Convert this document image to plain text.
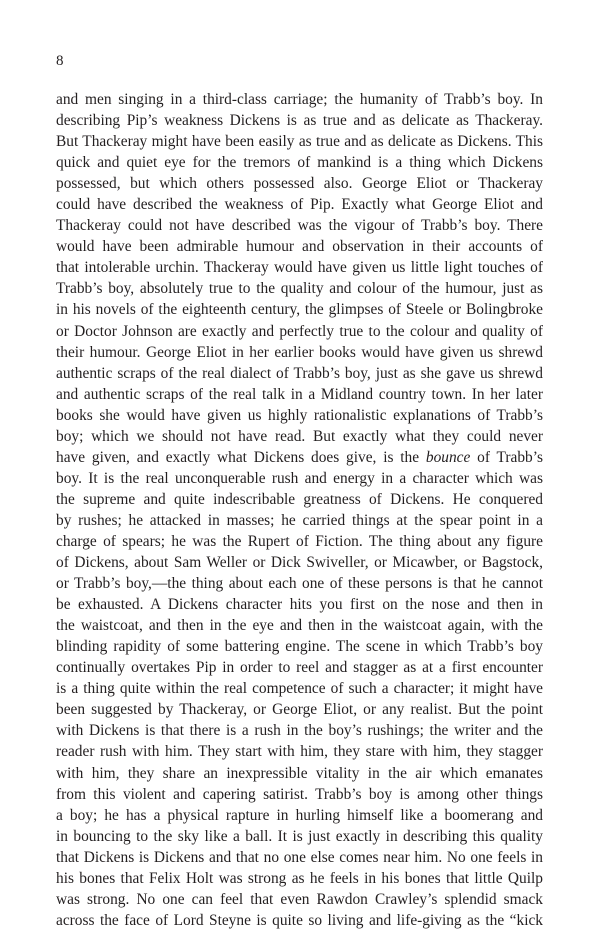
8
and men singing in a third-class carriage; the humanity of Trabb’s boy. In
describing Pip’s weakness Dickens is as true and as delicate as Thackeray.
But Thackeray might have been easily as true and as delicate as Dickens. This
quick and quiet eye for the tremors of mankind is a thing which Dickens
possessed, but which others possessed also. George Eliot or Thackeray
could have described the weakness of Pip. Exactly what George Eliot and
Thackeray could not have described was the vigour of Trabb’s boy. There
would have been admirable humour and observation in their accounts of
that intolerable urchin. Thackeray would have given us little light touches of
Trabb’s boy, absolutely true to the quality and colour of the humour, just as
in his novels of the eighteenth century, the glimpses of Steele or Bolingbroke
or Doctor Johnson are exactly and perfectly true to the colour and quality of
their humour. George Eliot in her earlier books would have given us shrewd
authentic scraps of the real dialect of Trabb’s boy, just as she gave us shrewd
and authentic scraps of the real talk in a Midland country town. In her later
books she would have given us highly rationalistic explanations of Trabb’s
boy; which we should not have read. But exactly what they could never
have given, and exactly what Dickens does give, is the bounce of Trabb’s
boy. It is the real unconquerable rush and energy in a character which was
the supreme and quite indescribable greatness of Dickens. He conquered
by rushes; he attacked in masses; he carried things at the spear point in a
charge of spears; he was the Rupert of Fiction. The thing about any figure
of Dickens, about Sam Weller or Dick Swiveller, or Micawber, or Bagstock,
or Trabb’s boy,—the thing about each one of these persons is that he cannot
be exhausted. A Dickens character hits you first on the nose and then in
the waistcoat, and then in the eye and then in the waistcoat again, with the
blinding rapidity of some battering engine. The scene in which Trabb’s boy
continually overtakes Pip in order to reel and stagger as at a first encounter
is a thing quite within the real competence of such a character; it might have
been suggested by Thackeray, or George Eliot, or any realist. But the point
with Dickens is that there is a rush in the boy’s rushings; the writer and the
reader rush with him. They start with him, they stare with him, they stagger
with him, they share an inexpressible vitality in the air which emanates
from this violent and capering satirist. Trabb’s boy is among other things
a boy; he has a physical rapture in hurling himself like a boomerang and
in bouncing to the sky like a ball. It is just exactly in describing this quality
that Dickens is Dickens and that no one else comes near him. No one feels in
his bones that Felix Holt was strong as he feels in his bones that little Quilp
was strong. No one can feel that even Rawdon Crawley’s splendid smack
across the face of Lord Steyne is quite so living and life-giving as the “kick
